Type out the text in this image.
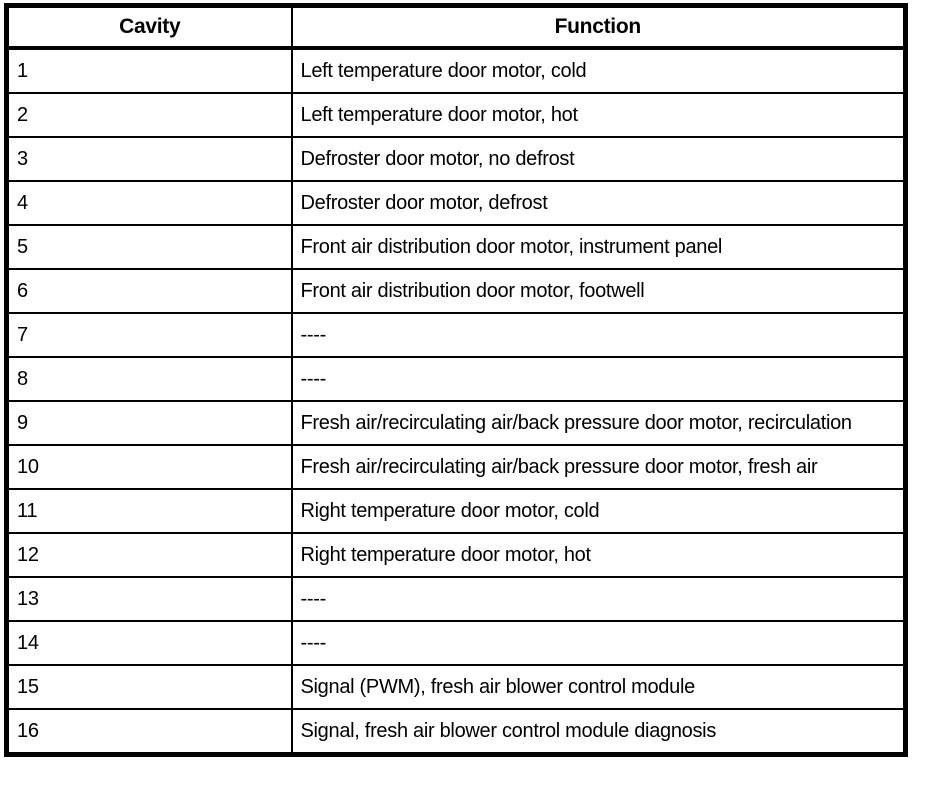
Cavity	Function
1	Left temperature door motor, cold
2	Left temperature door motor, hot
3	Defroster door motor, no defrost
4	Defroster door motor, defrost
5	Front air distribution door motor, instrument panel
6	Front air distribution door motor, footwell
7	----
8	----
9	Fresh air/recirculating air/back pressure door motor, recirculation
10	Fresh air/recirculating air/back pressure door motor, fresh air
11	Right temperature door motor, cold
12	Right temperature door motor, hot
13	----
14	----
15	Signal (PWM), fresh air blower control module
16	Signal, fresh air blower control module diagnosis
